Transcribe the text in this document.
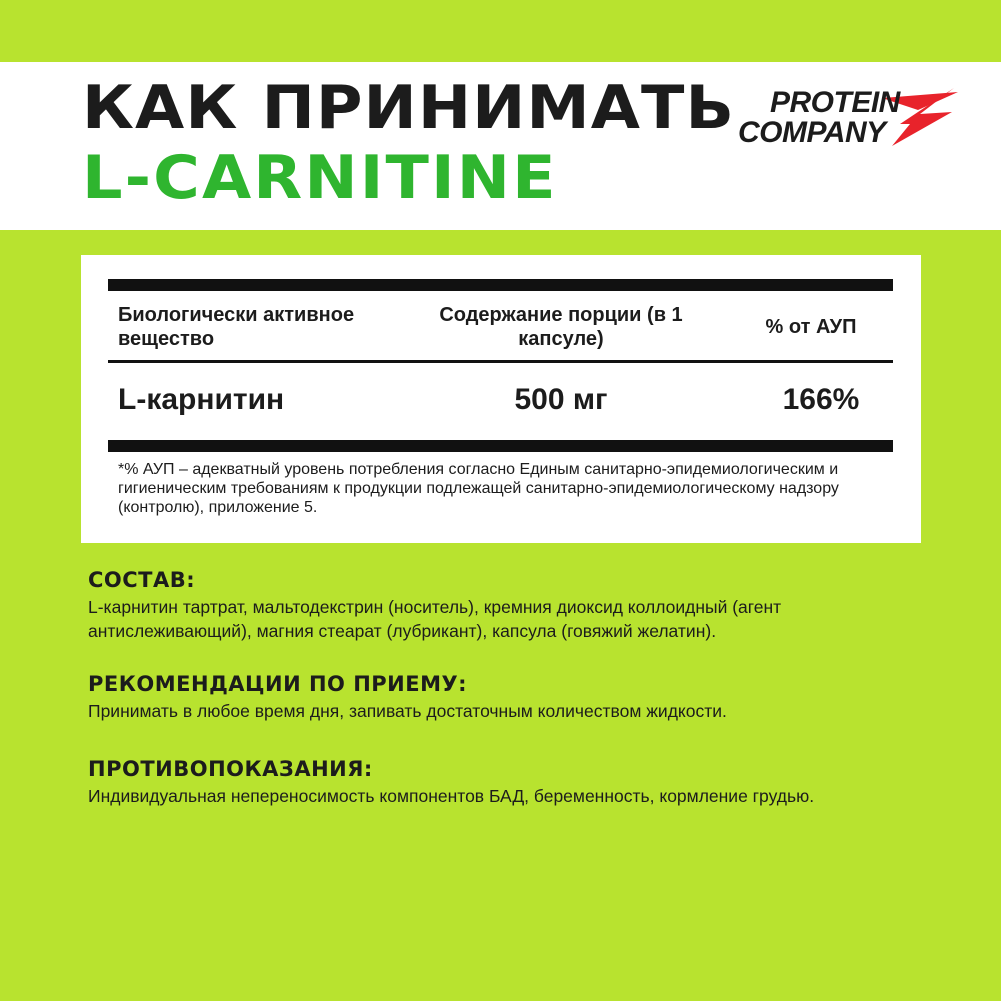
КАК ПРИНИМАТЬ
L-CARNITINE
PROTEIN
COMPANY
Биологически активное вещество
Содержание порции (в 1 капсуле)
% от АУП
L-карнитин	500 мг	166%
*% АУП – адекватный уровень потребления согласно Единым санитарно-эпидемиологическим и гигиеническим требованиям к продукции подлежащей санитарно-эпидемиологическому надзору (контролю), приложение 5.
СОСТАВ:
L-карнитин тартрат, мальтодекстрин (носитель), кремния диоксид коллоидный (агент антислеживающий), магния стеарат (лубрикант), капсула (говяжий желатин).
РЕКОМЕНДАЦИИ ПО ПРИЕМУ:
Принимать в любое время дня, запивать достаточным количеством жидкости.
ПРОТИВОПОКАЗАНИЯ:
Индивидуальная непереносимость компонентов БАД, беременность, кормление грудью.
